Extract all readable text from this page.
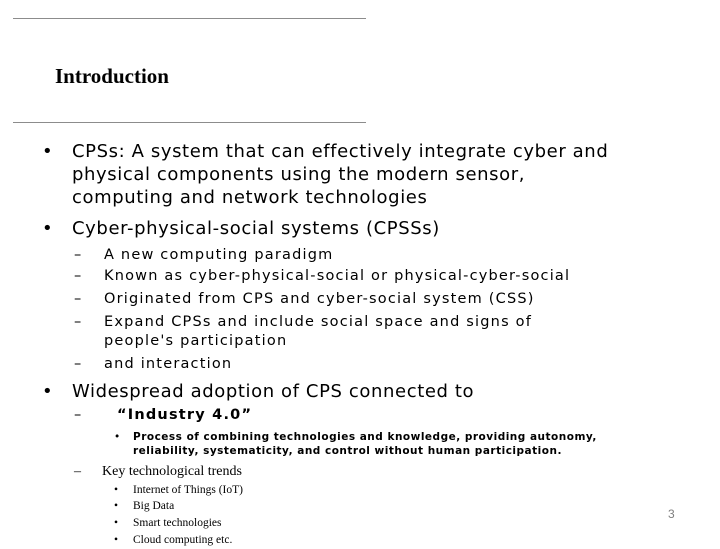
Introduction
• CPSs: A system that can effectively integrate cyber and physical components using the modern sensor, computing and network technologies
• Cyber-physical-social systems (CPSSs)
– A new computing paradigm
– Known as cyber-physical-social or physical-cyber-social
– Originated from CPS and cyber-social system (CSS)
– Expand CPSs and include social space and signs of people's participation
– and interaction
• Widespread adoption of CPS connected to
– “Industry 4.0”
• Process of combining technologies and knowledge, providing autonomy, reliability, systematicity, and control without human participation.
– Key technological trends
• Internet of Things (IoT)
• Big Data
• Smart technologies
• Cloud computing etc.
3
